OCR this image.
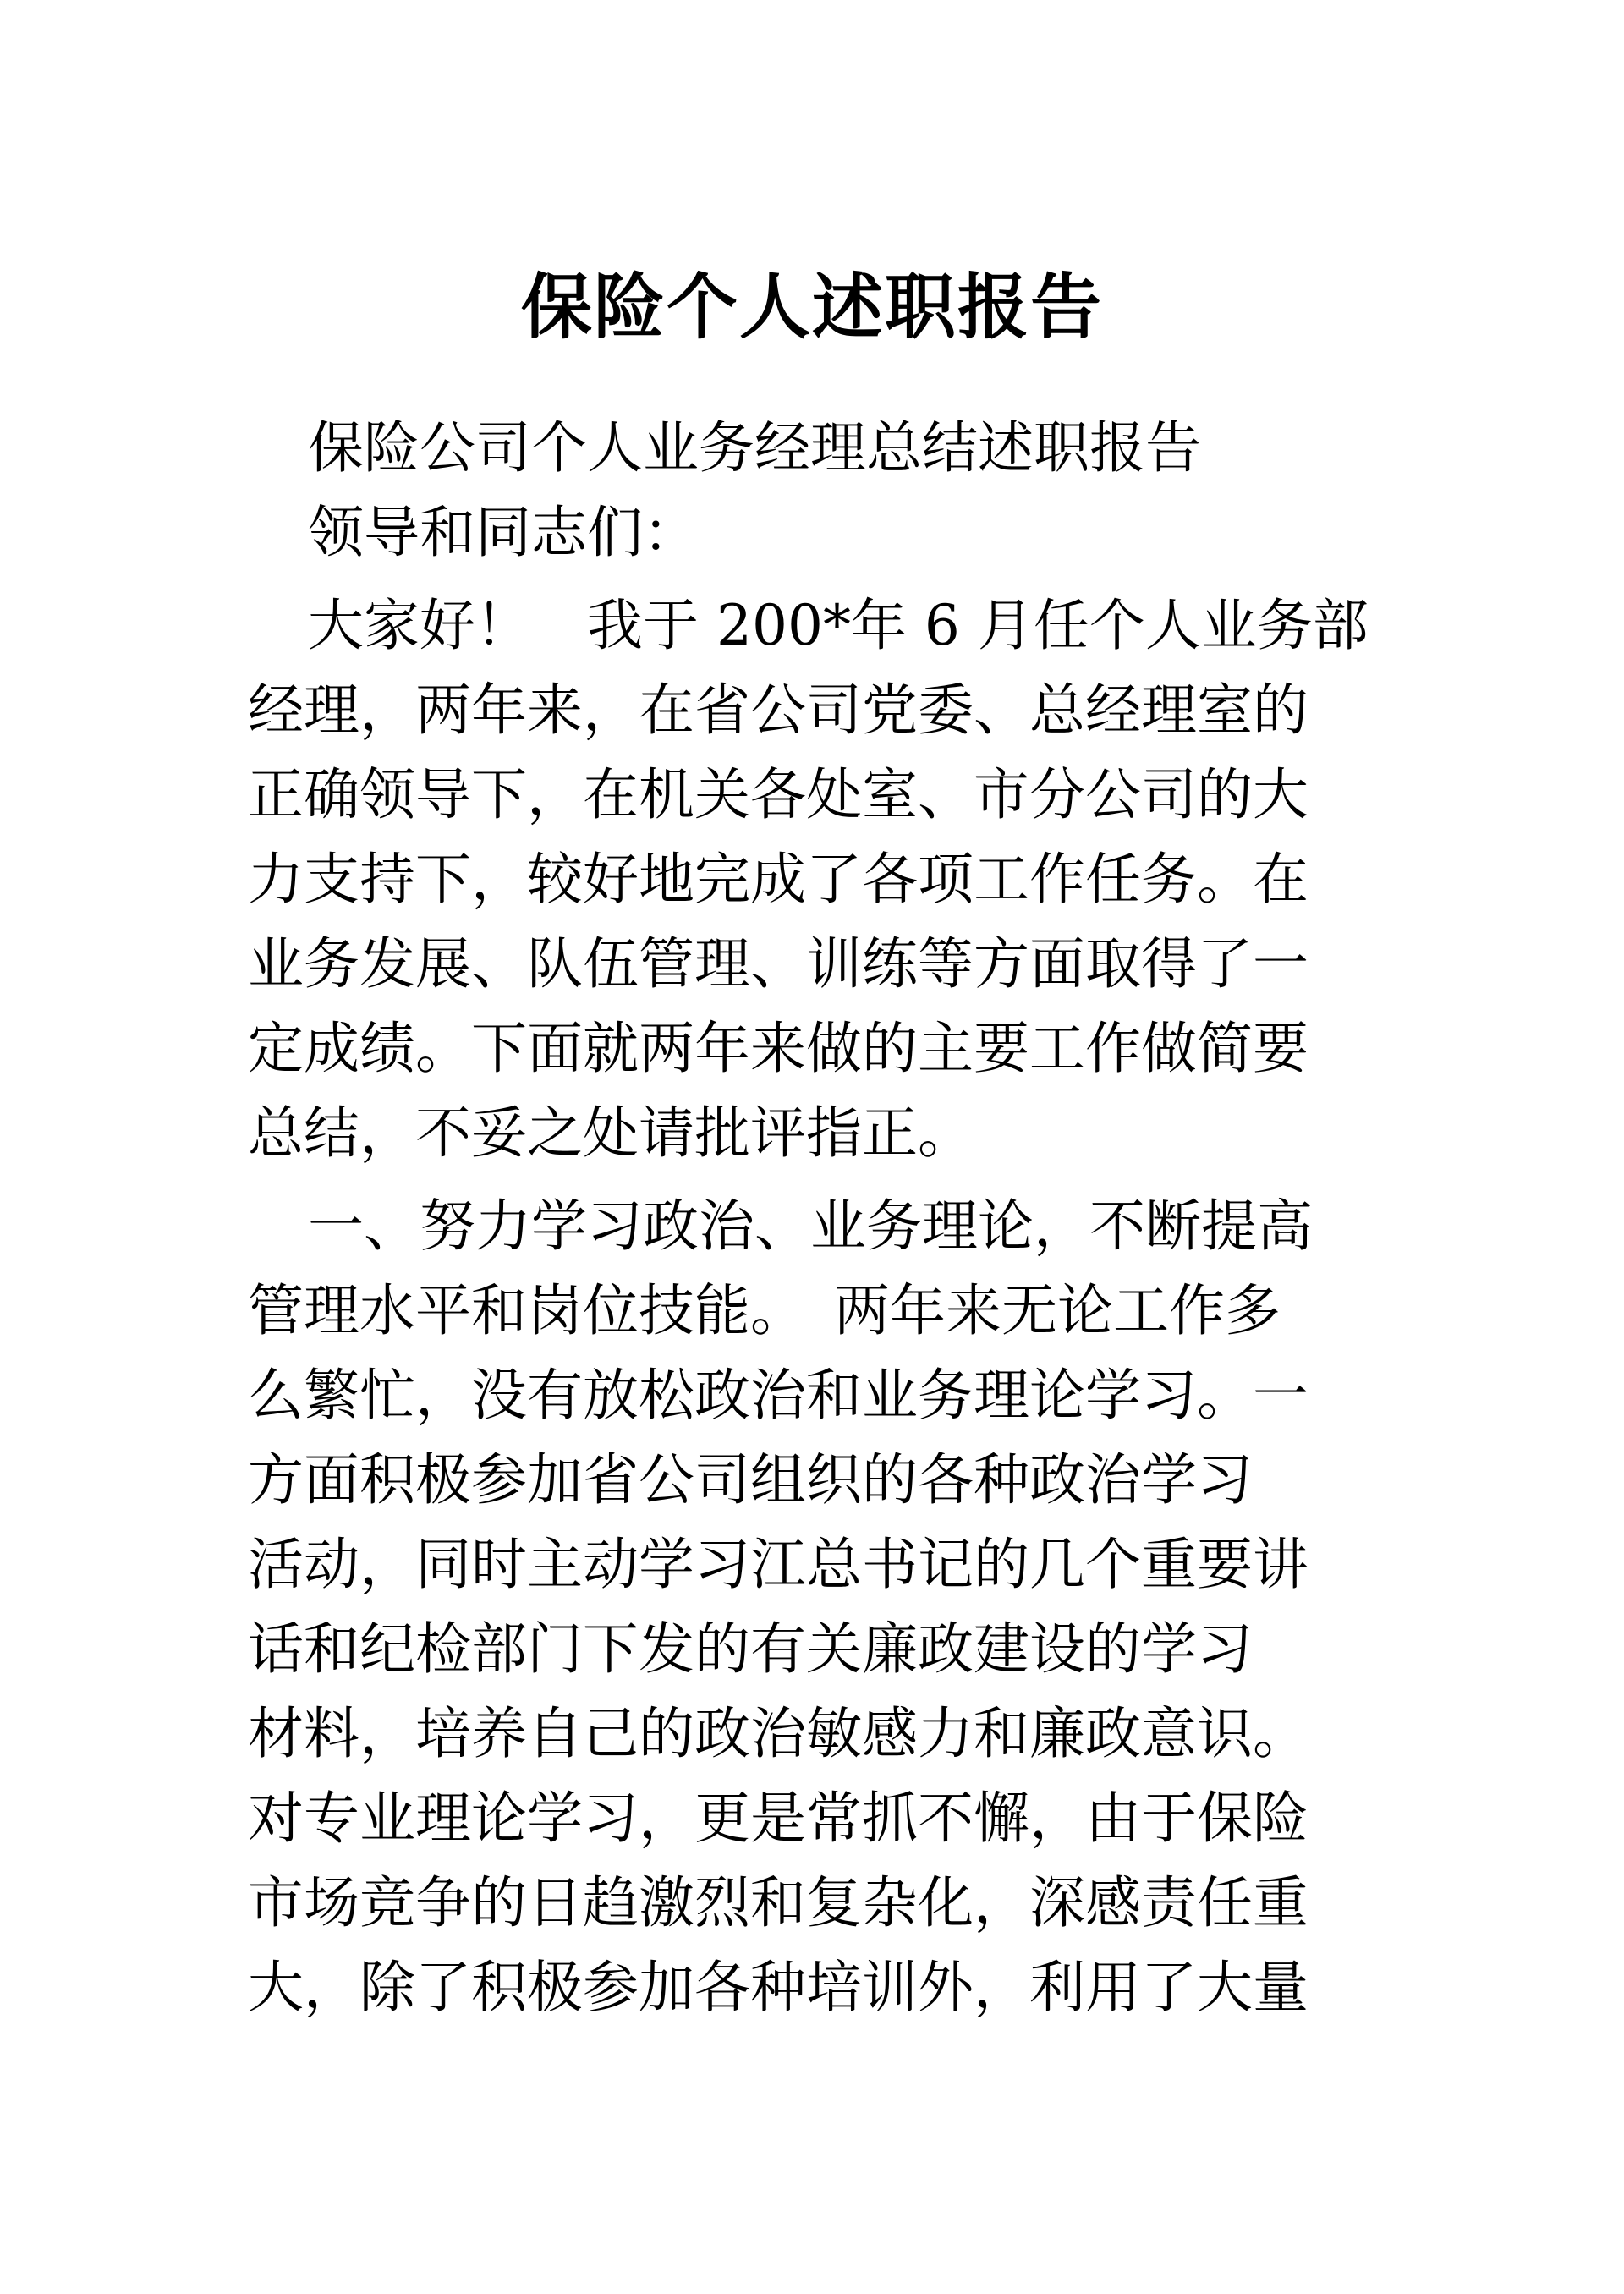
保险个人述职报告

保险公司个人业务经理总结述职报告

领导和同志们：

大家好！　我于 200*年 6 月任个人业务部

经理，两年来，在省公司党委、总经理室的

正确领导下，在机关各处室、市分公司的大

力支持下，较好地完成了各项工作任务。在

业务发展、队伍管理、训练等方面取得了一

定成绩。下面就两年来做的主要工作做简要

总结，不妥之处请批评指正。

一、努力学习政治、业务理论，不断提高

管理水平和岗位技能。　两年来无论工作多

么繁忙，没有放松政治和业务理论学习。一

方面积极参加省公司组织的各种政治学习

活动，同时主动学习江总书记的几个重要讲

话和纪检部门下发的有关廉政建设的学习

材料，培养自己的政治敏感力和廉政意识。

对专业理论学习，更是常抓不懈，由于保险

市场竞争的日趋激烈和复杂化，深感责任重

大，除了积极参加各种培训外，利用了大量
